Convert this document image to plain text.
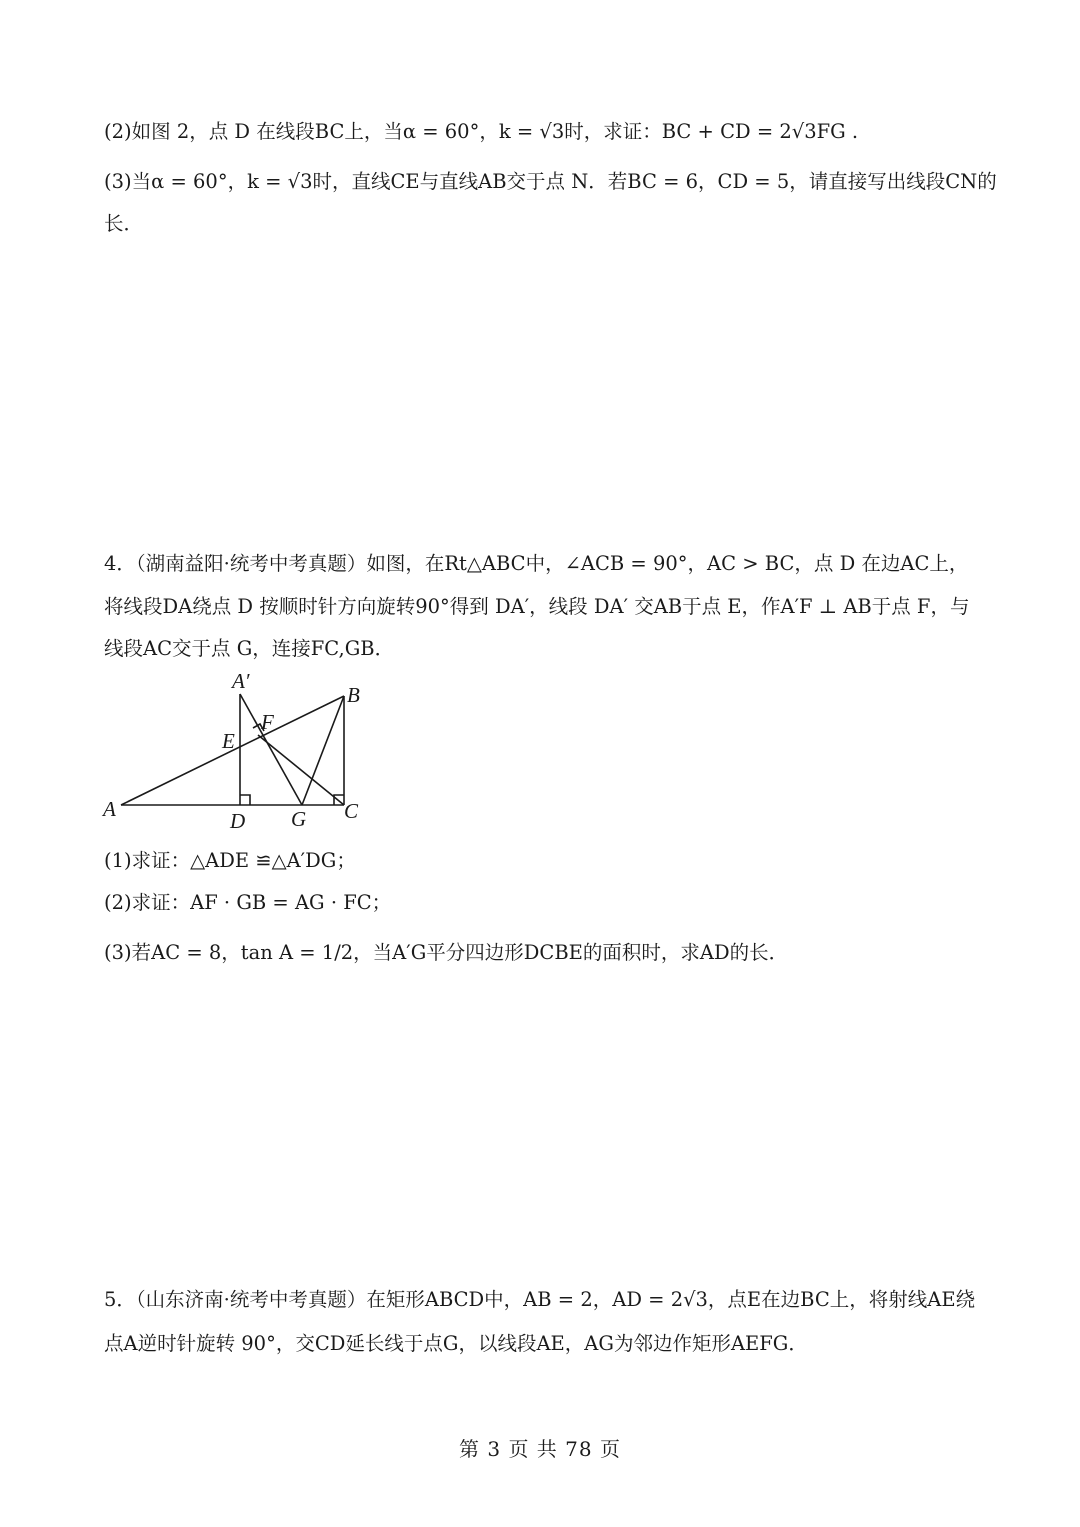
(2)如图 2，点 D 在线段BC上，当α = 60°，k = √3时，求证：BC + CD = 2√3FG .
(3)当α = 60°，k = √3时，直线CE与直线AB交于点 N．若BC = 6，CD = 5，请直接写出线段CN的
长．
4．（湖南益阳·统考中考真题）如图，在Rt△ABC中，∠ACB = 90°，AC > BC，点 D 在边AC上，
将线段DA绕点 D 按顺时针方向旋转90°得到 DA′，线段 DA′ 交AB于点 E，作A′F ⊥ AB于点 F，与
线段AC交于点 G，连接FC,GB．
A′
B
F
E
A	D G C
(1)求证：△ADE ≌△A′DG；
(2)求证：AF · GB = AG · FC；
(3)若AC = 8，tan A = 1/2，当A′G平分四边形DCBE的面积时，求AD的长．
5．（山东济南·统考中考真题）在矩形ABCD中，AB = 2，AD = 2√3，点E在边BC上，将射线AE绕
点A逆时针旋转 90°，交CD延长线于点G，以线段AE，AG为邻边作矩形AEFG．
第 3 页 共 78 页
